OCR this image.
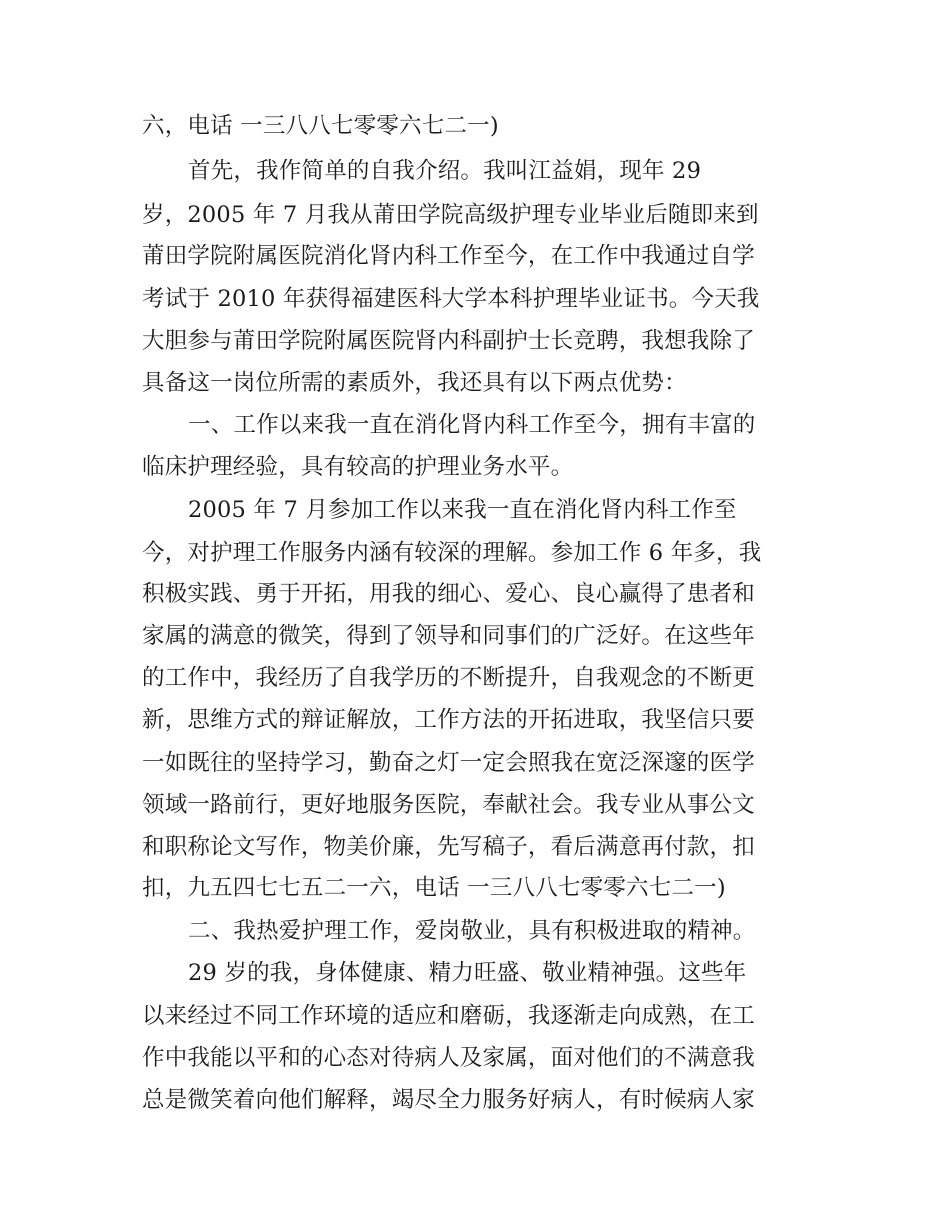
六，电话 一三八八七零零六七二一)
首先，我作简单的自我介绍。我叫江益娟，现年 29
岁，2005 年 7 月我从莆田学院高级护理专业毕业后随即来到
莆田学院附属医院消化肾内科工作至今，在工作中我通过自学
考试于 2010 年获得福建医科大学本科护理毕业证书。今天我
大胆参与莆田学院附属医院肾内科副护士长竞聘，我想我除了
具备这一岗位所需的素质外，我还具有以下两点优势：
一、工作以来我一直在消化肾内科工作至今，拥有丰富的
临床护理经验，具有较高的护理业务水平。
2005 年 7 月参加工作以来我一直在消化肾内科工作至
今，对护理工作服务内涵有较深的理解。参加工作 6 年多，我
积极实践、勇于开拓，用我的细心、爱心、良心赢得了患者和
家属的满意的微笑，得到了领导和同事们的广泛好。在这些年
的工作中，我经历了自我学历的不断提升，自我观念的不断更
新，思维方式的辩证解放，工作方法的开拓进取，我坚信只要
一如既往的坚持学习，勤奋之灯一定会照我在宽泛深邃的医学
领域一路前行，更好地服务医院，奉献社会。我专业从事公文
和职称论文写作，物美价廉，先写稿子，看后满意再付款，扣
扣，九五四七七五二一六，电话 一三八八七零零六七二一)
二、我热爱护理工作，爱岗敬业，具有积极进取的精神。
29 岁的我，身体健康、精力旺盛、敬业精神强。这些年
以来经过不同工作环境的适应和磨砺，我逐渐走向成熟，在工
作中我能以平和的心态对待病人及家属，面对他们的不满意我
总是微笑着向他们解释，竭尽全力服务好病人，有时候病人家
